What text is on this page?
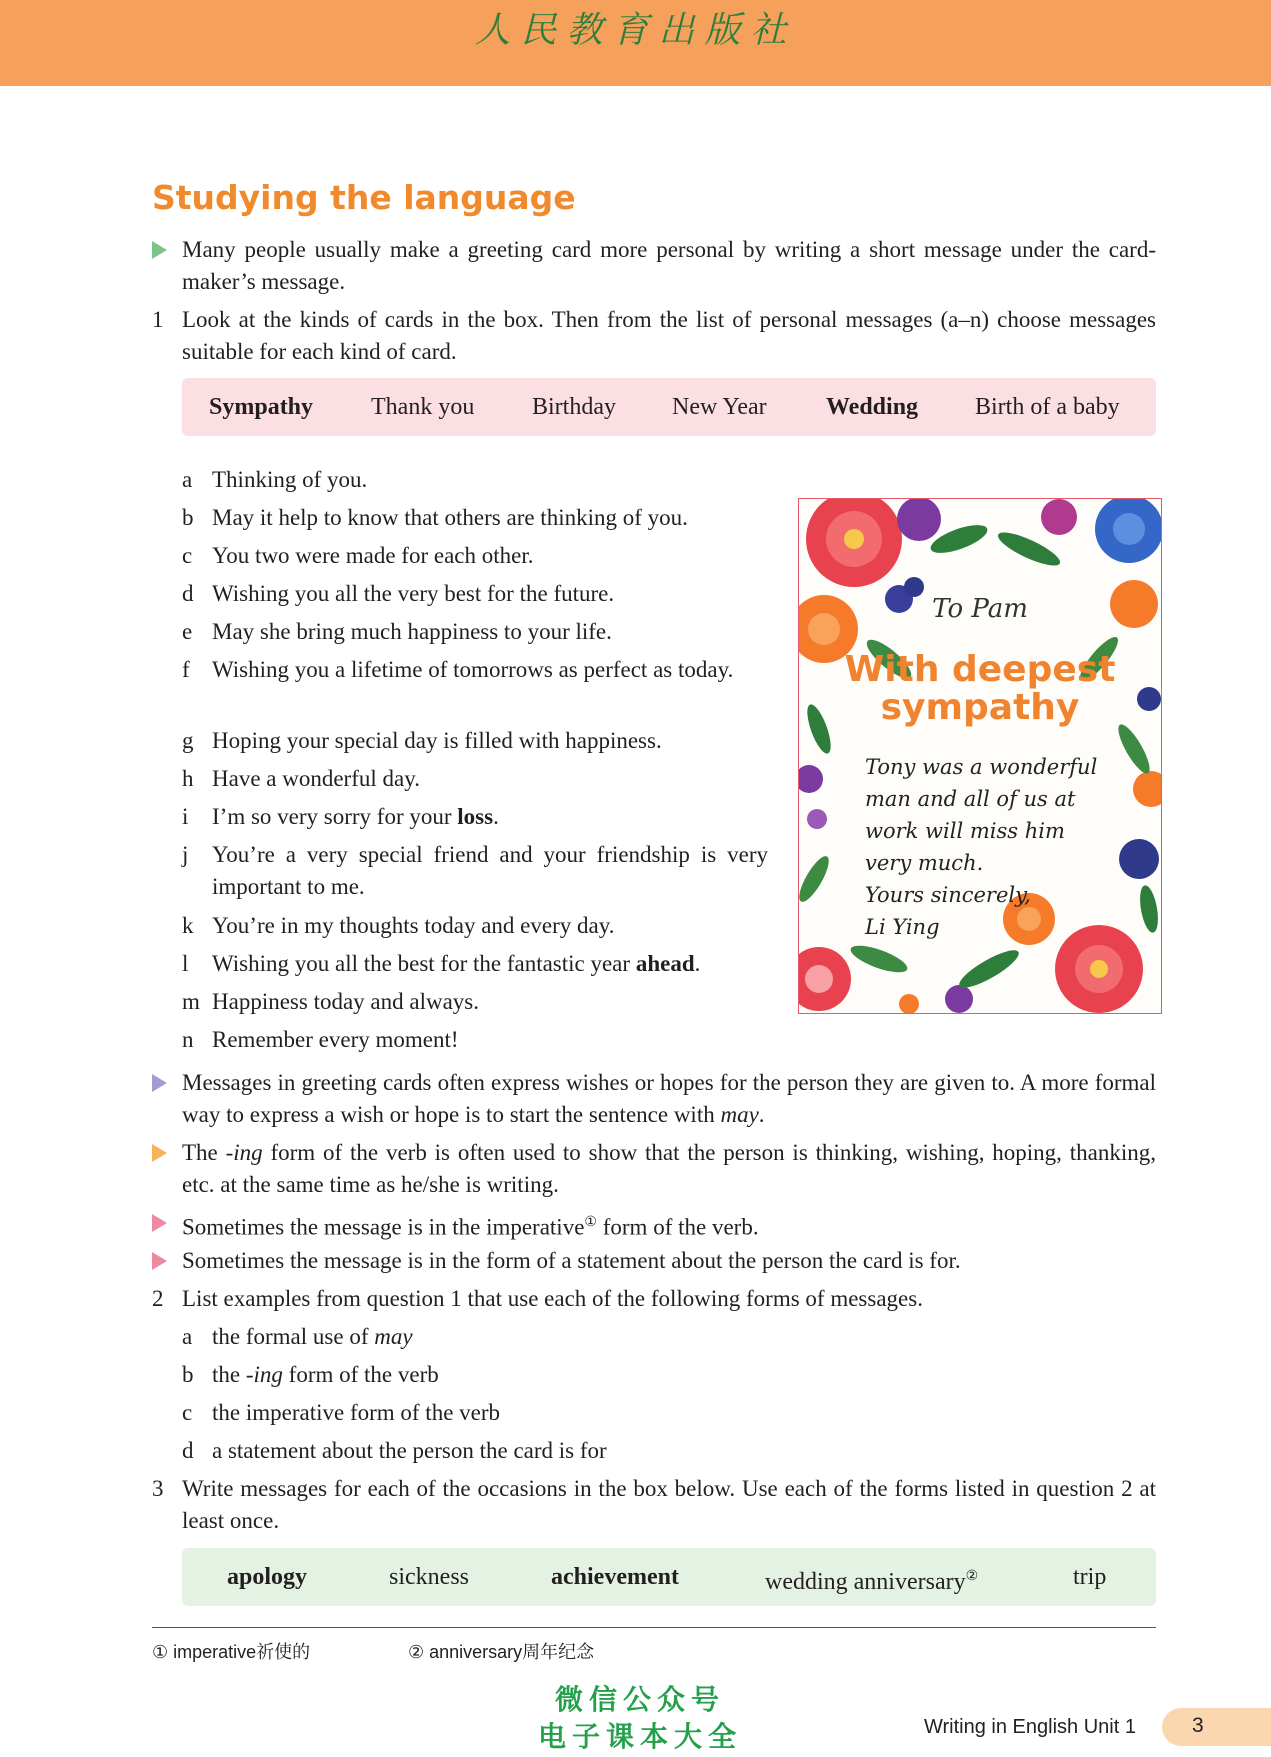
人民教育出版社
Studying the language
Many people usually make a greeting card more personal by writing a short message under the card-maker’s message.
1 Look at the kinds of cards in the box. Then from the list of personal messages (a–n) choose messages suitable for each kind of card.
Sympathy Thank you Birthday New Year Wedding Birth of a baby
a Thinking of you.
b May it help to know that others are thinking of you.
c You two were made for each other.
d Wishing you all the very best for the future.
e May she bring much happiness to your life.
f Wishing you a lifetime of tomorrows as perfect as today.
g Hoping your special day is filled with happiness.
h Have a wonderful day.
i I’m so very sorry for your loss.
j You’re a very special friend and your friendship is very important to me.
k You’re in my thoughts today and every day.
l Wishing you all the best for the fantastic year ahead.
m Happiness today and always.
n Remember every moment!
To Pam
With deepest
sympathy
Tony was a wonderful
man and all of us at
work will miss him
very much.
Yours sincerely,
Li Ying
Messages in greeting cards often express wishes or hopes for the person they are given to. A more formal way to express a wish or hope is to start the sentence with may.
The -ing form of the verb is often used to show that the person is thinking, wishing, hoping, thanking, etc. at the same time as he/she is writing.
Sometimes the message is in the imperative① form of the verb.
Sometimes the message is in the form of a statement about the person the card is for.
2 List examples from question 1 that use each of the following forms of messages.
a the formal use of may
b the -ing form of the verb
c the imperative form of the verb
d a statement about the person the card is for
3 Write messages for each of the occasions in the box below. Use each of the forms listed in question 2 at least once.
apology	sickness	achievement	wedding anniversary②	trip
① imperative祈使的	② anniversary周年纪念
微信公众号
电子课本大全	Writing in English Unit 1	3
